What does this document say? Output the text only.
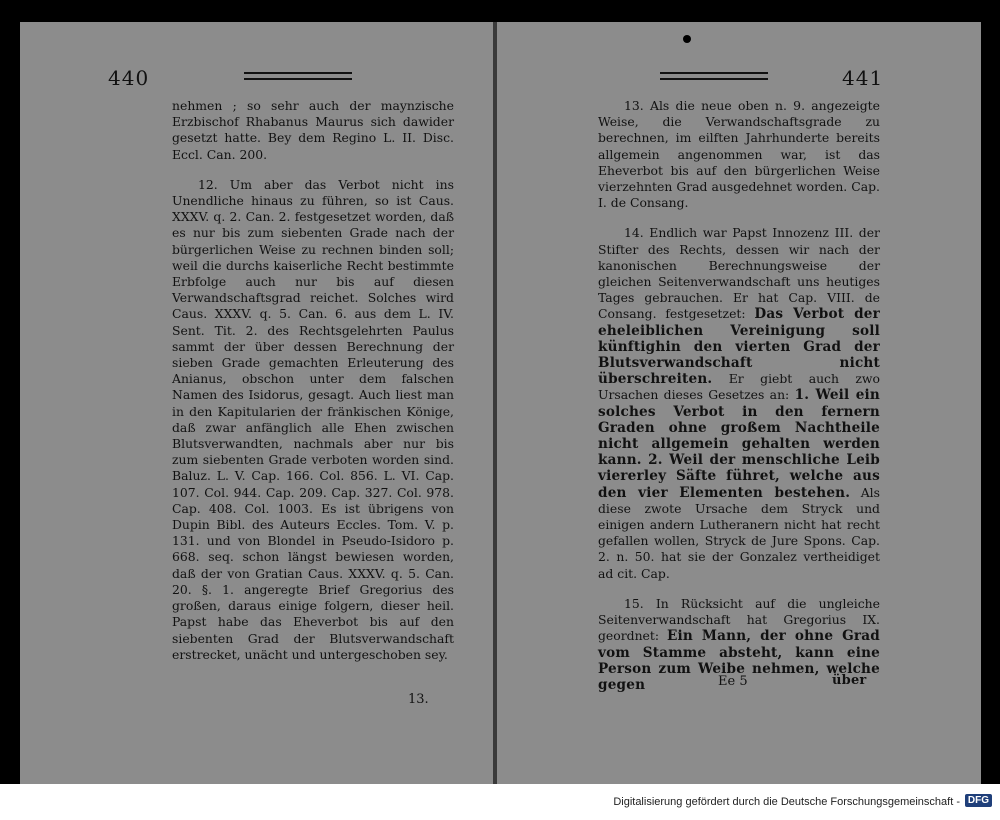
440

nehmen ; so sehr auch der maynzische Erzbischof Rhabanus Maurus sich dawider gesetzt hatte. Bey dem Regino L. II. Disc. Eccl. Can. 200.

12. Um aber das Verbot nicht ins Unendliche hinaus zu führen, so ist Caus. XXXV. q. 2. Can. 2. festgesetzet worden, daß es nur bis zum siebenten Grade nach der bürgerlichen Weise zu rechnen binden soll; weil die durchs kaiserliche Recht bestimmte Erbfolge auch nur bis auf diesen Verwandschaftsgrad reichet. Solches wird Caus. XXXV. q. 5. Can. 6. aus dem L. IV. Sent. Tit. 2. des Rechtsgelehrten Paulus sammt der über dessen Berechnung der sieben Grade gemachten Erleuterung des Anianus, obschon unter dem falschen Namen des Isidorus, gesagt. Auch liest man in den Kapitularien der fränkischen Könige, daß zwar anfänglich alle Ehen zwischen Blutsverwandten, nachmals aber nur bis zum siebenten Grade verboten worden sind. Baluz. L. V. Cap. 166. Col. 856. L. VI. Cap. 107. Col. 944. Cap. 209. Cap. 327. Col. 978. Cap. 408. Col. 1003. Es ist übrigens von Dupin Bibl. des Auteurs Eccles. Tom. V. p. 131. und von Blondel in Pseudo-Isidoro p. 668. seq. schon längst bewiesen worden, daß der von Gratian Caus. XXXV. q. 5. Can. 20. §. 1. angeregte Brief Gregorius des großen, daraus einige folgern, dieser heil. Papst habe das Eheverbot bis auf den siebenten Grad der Blutsverwandschaft erstrecket, unächt und untergeschoben sey.

13.
441

13. Als die neue oben n. 9. angezeigte Weise, die Verwandschaftsgrade zu berechnen, im eilften Jahrhunderte bereits allgemein angenommen war, ist das Eheverbot bis auf den bürgerlichen Weise vierzehnten Grad ausgedehnet worden. Cap. I. de Consang.

14. Endlich war Papst Innozenz III. der Stifter des Rechts, dessen wir nach der kanonischen Berechnungsweise der gleichen Seitenverwandschaft uns heutiges Tages gebrauchen. Er hat Cap. VIII. de Consang. festgesetzet: Das Verbot der eheleiblichen Vereinigung soll künftighin den vierten Grad der Blutsverwandschaft nicht überschreiten. Er giebt auch zwo Ursachen dieses Gesetzes an: 1. Weil ein solches Verbot in den fernern Graden ohne großem Nachtheile nicht allgemein gehalten werden kann. 2. Weil der menschliche Leib viererley Säfte führet, welche aus den vier Elementen bestehen. Als diese zwote Ursache dem Stryck und einigen andern Lutheranern nicht hat recht gefallen wollen, Stryck de Jure Spons. Cap. 2. n. 50. hat sie der Gonzalez vertheidiget ad cit. Cap.

15. In Rücksicht auf die ungleiche Seitenverwandschaft hat Gregorius IX. geordnet: Ein Mann, der ohne Grad vom Stamme absteht, kann eine Person zum Weibe nehmen, welche gegen	Ee 5	über
Digitalisierung gefördert durch die Deutsche Forschungsgemeinschaft - DFG
